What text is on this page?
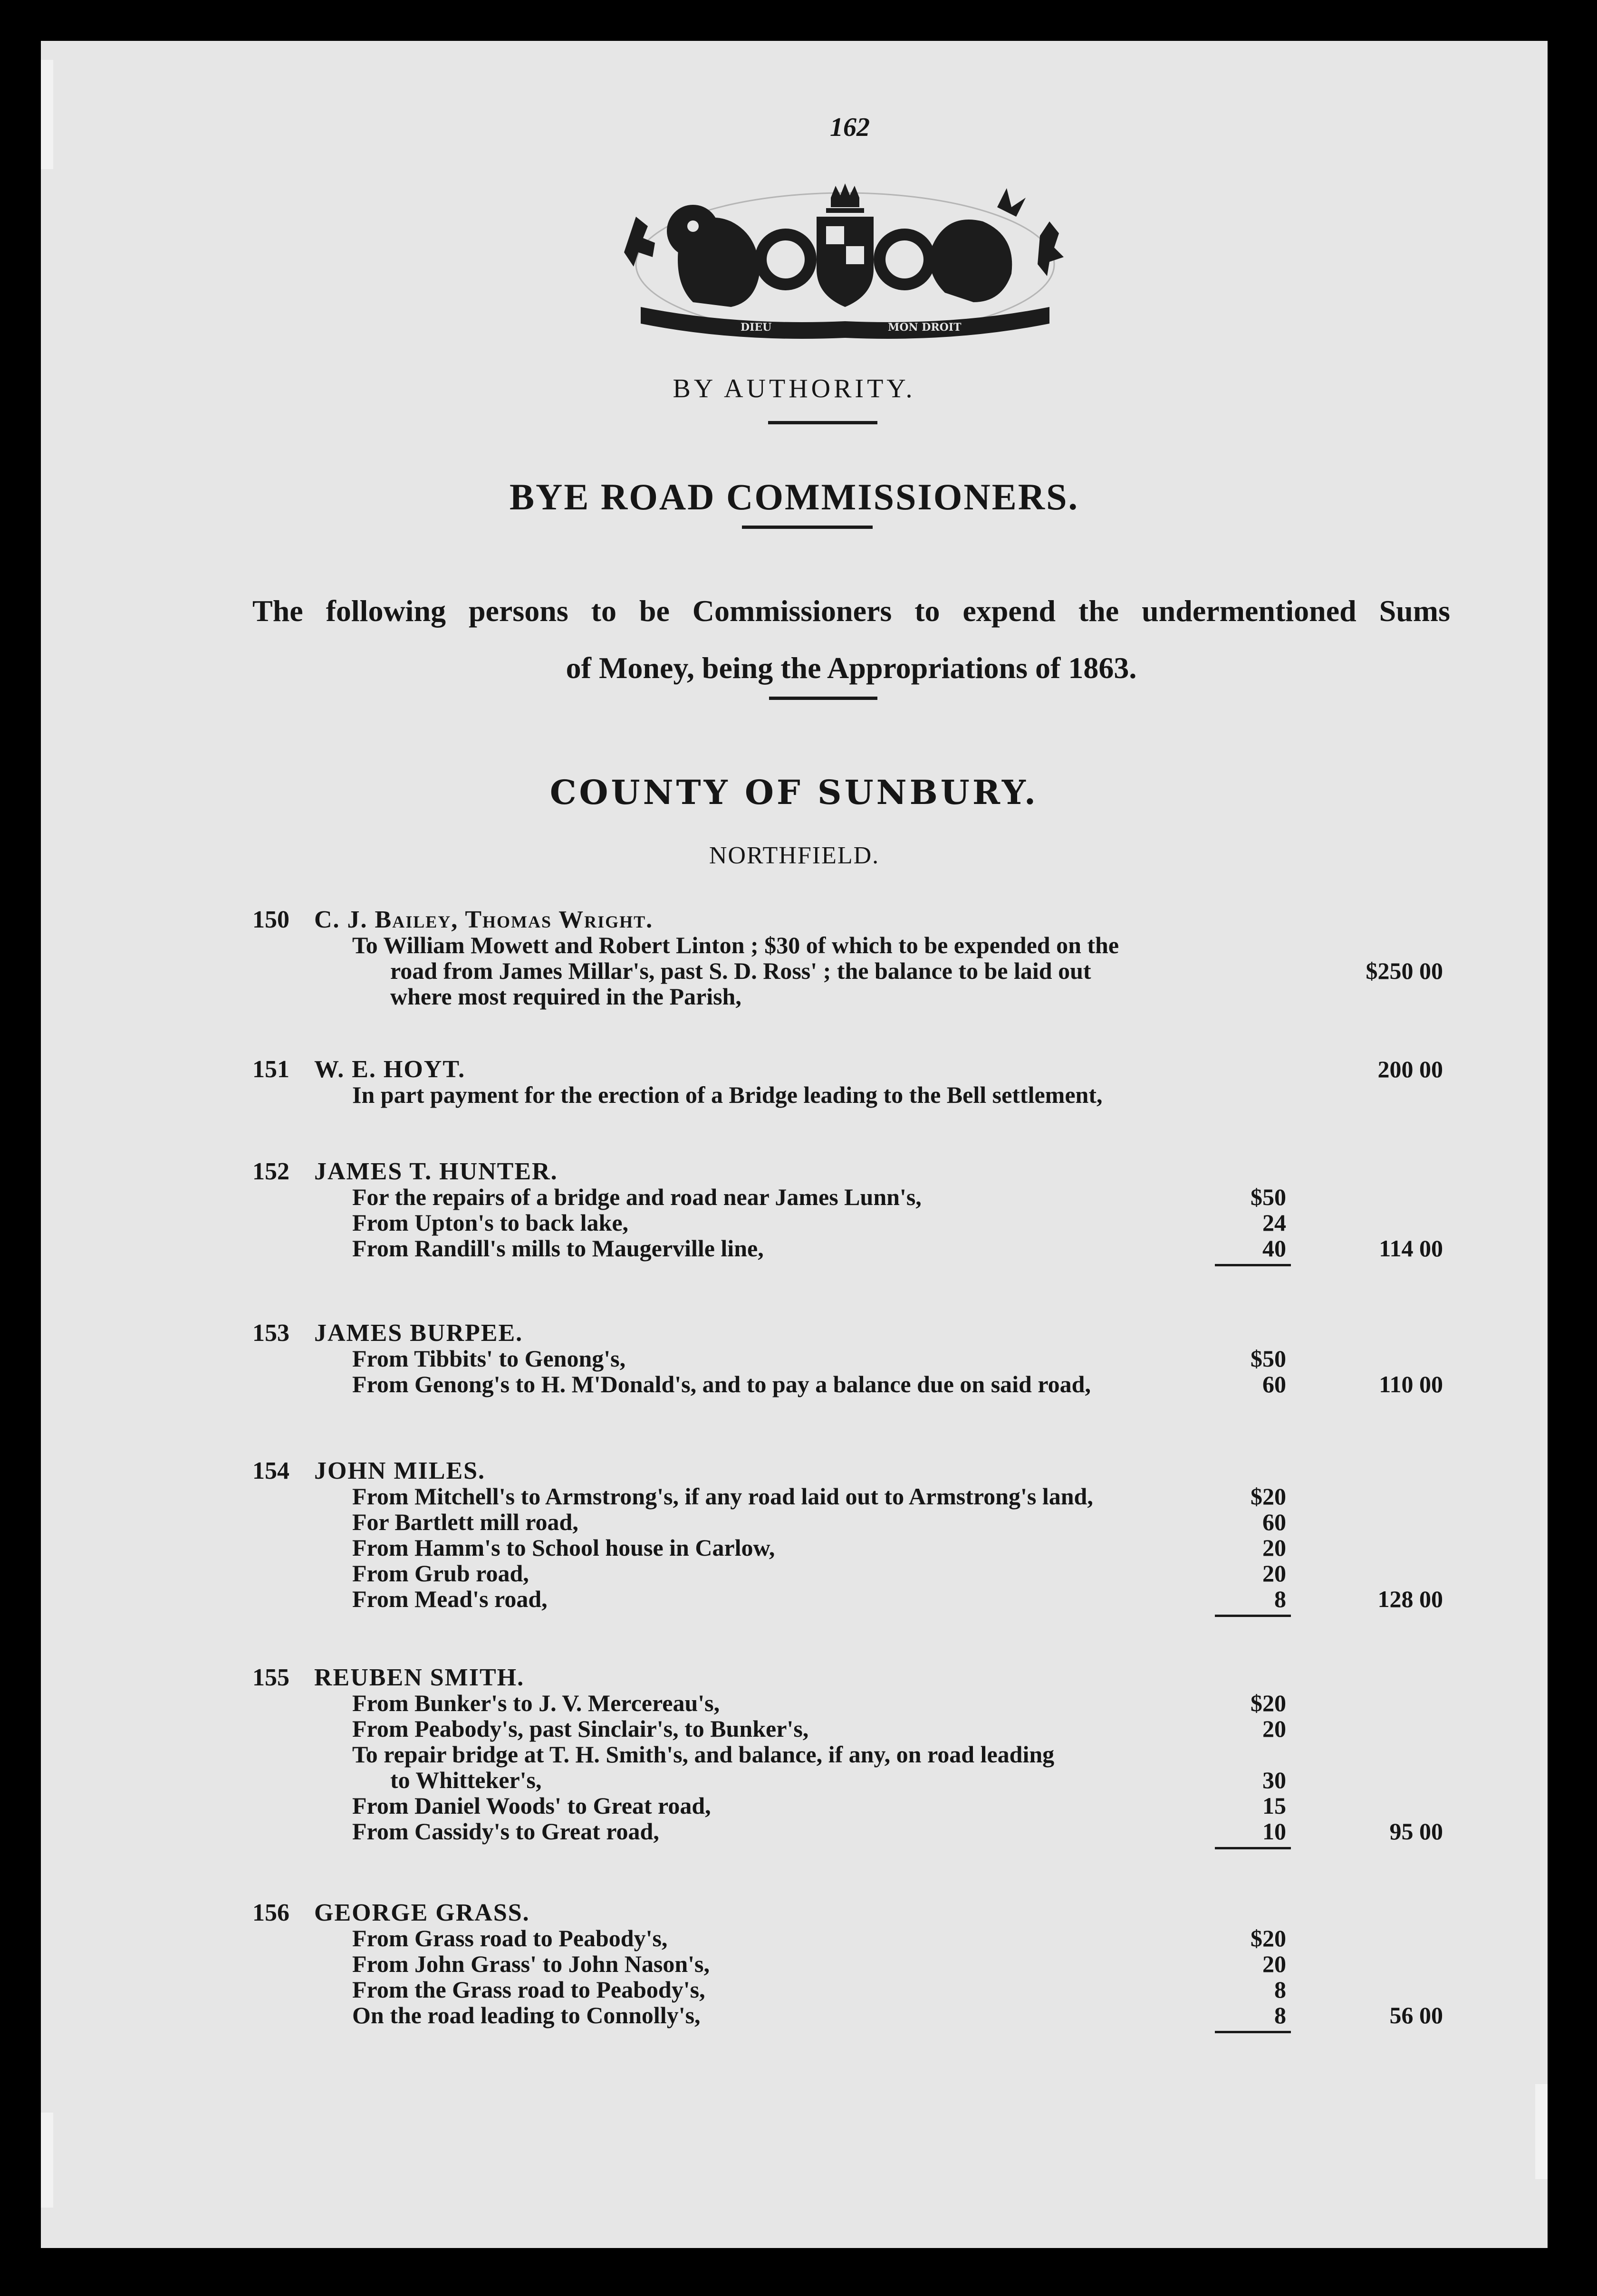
162
DIEU	MON DROIT
BY AUTHORITY.
BYE ROAD COMMISSIONERS.
The following persons to be Commissioners to expend the undermentioned Sums
of Money, being the Appropriations of 1863.
COUNTY OF SUNBURY.
NORTHFIELD.
150 C. J. Bailey, Thomas Wright.
To William Mowett and Robert Linton ; $30 of which to be expended on the
road from James Millar's, past S. D. Ross' ; the balance to be laid out
where most required in the Parish,
$250 00
151 W. E. HOYT.
In part payment for the erection of a Bridge leading to the Bell settlement,
200 00
152 JAMES T. HUNTER.
For the repairs of a bridge and road near James Lunn's,	$50
From Upton's to back lake,	24
From Randill's mills to Maugerville line,	40	114 00
153 JAMES BURPEE.
From Tibbits' to Genong's,	$50
From Genong's to H. M'Donald's, and to pay a balance due on said road,	60	110 00
154 JOHN MILES.
From Mitchell's to Armstrong's, if any road laid out to Armstrong's land,	$20
For Bartlett mill road,	60
From Hamm's to School house in Carlow,	20
From Grub road,	20
From Mead's road,	8	128 00
155 REUBEN SMITH.
From Bunker's to J. V. Mercereau's,	$20
From Peabody's, past Sinclair's, to Bunker's,	20
To repair bridge at T. H. Smith's, and balance, if any, on road leading
to Whitteker's,	30
From Daniel Woods' to Great road,	15
From Cassidy's to Great road,	10	95 00
156 GEORGE GRASS.
From Grass road to Peabody's,	$20
From John Grass' to John Nason's,	20
From the Grass road to Peabody's,	8
On the road leading to Connolly's,	8	56 00
